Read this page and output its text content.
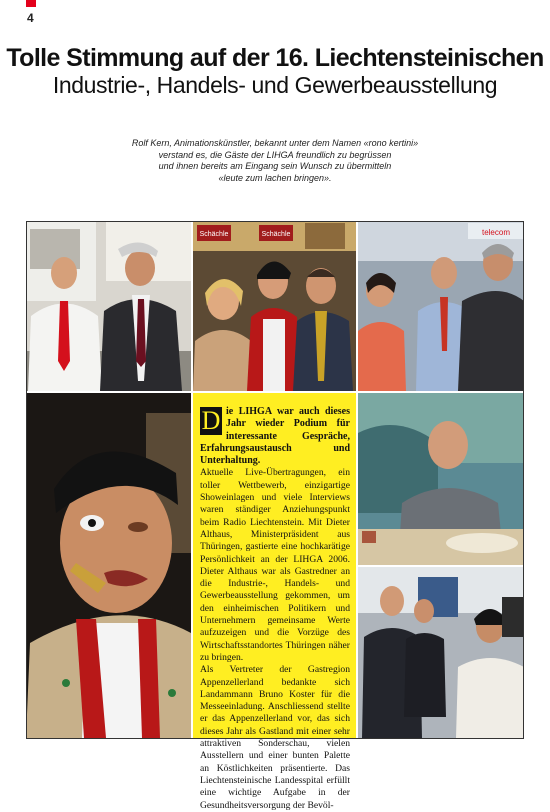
4
Tolle Stimmung auf der 16. Liechtensteinischen
Industrie-, Handels- und Gewerbeausstellung
Rolf Kern, Animationskünstler, bekannt unter dem Namen «rono kertini»
verstand es, die Gäste der LIHGA freundlich zu begrüssen
und ihnen bereits am Eingang sein Wunsch zu übermitteln
«leute zum lachen bringen».
Schächle	Schächle	telecom
D ie LIHGA war auch dieses Jahr wieder Podium für interessante Gespräche, Erfahrungsaustausch und Unterhaltung.

Aktuelle Live-Übertragungen, ein toller Wettbewerb, einzigartige Showeinlagen und viele Interviews waren ständiger Anziehungspunkt beim Radio Liechtenstein. Mit Dieter Althaus, Ministerpräsident aus Thüringen, gastierte eine hochkarätige Persönlichkeit an der LIHGA 2006. Dieter Althaus war als Gastredner an die Industrie-, Handels- und Gewerbeausstellung gekommen, um den einheimischen Politikern und Unternehmern gemeinsame Werte aufzuzeigen und die Vorzüge des Wirtschaftsstandortes Thüringen näher zu bringen.

Als Vertreter der Gastregion Appenzellerland bedankte sich Landammann Bruno Koster für die Messeeinladung. Anschliessend stellte er das Appenzellerland vor, das sich dieses Jahr als Gastland mit einer sehr attraktiven Sonderschau, vielen Ausstellern und einer bunten Palette an Köstlichkeiten präsentierte. Das Liechtensteinische Landesspital erfüllt eine wichtige Aufgabe in der Gesundheitsversorgung der Bevöl-
